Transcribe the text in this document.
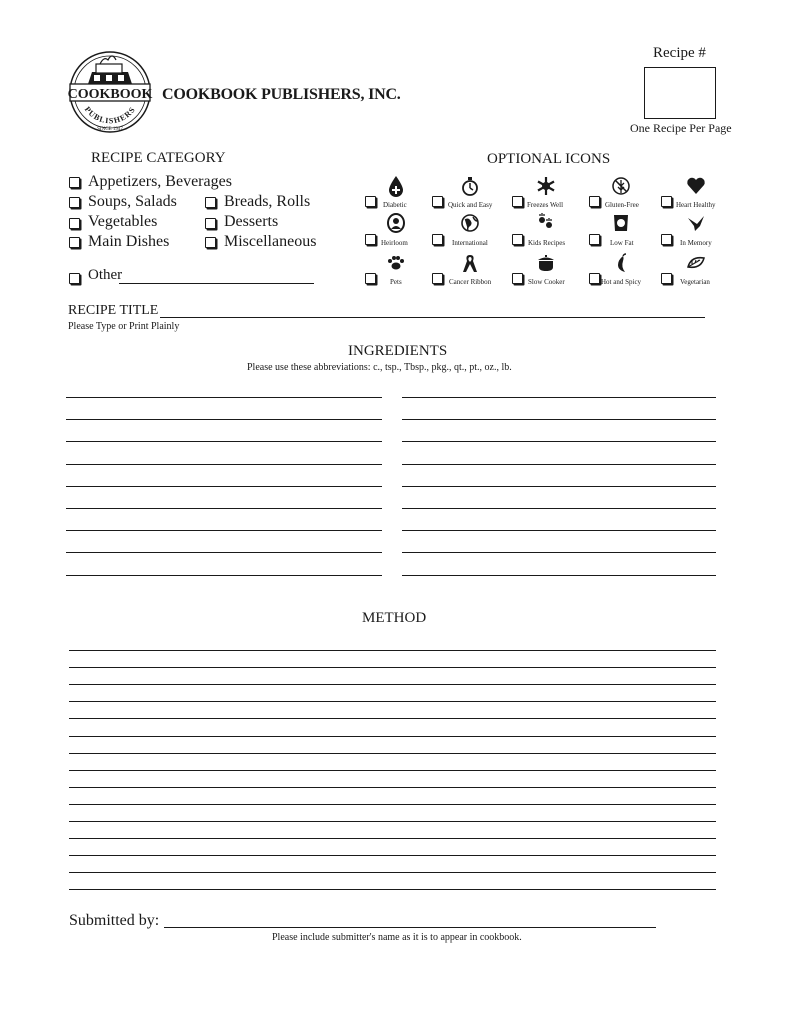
COOKBOOK
PUBLISHERS
SINCE 1947
COOKBOOK PUBLISHERS, INC.
Recipe #
One Recipe Per Page
RECIPE CATEGORY
Appetizers, Beverages
Soups, Salads	Breads, Rolls
Vegetables	Desserts
Main Dishes	Miscellaneous
Other
OPTIONAL ICONS
Diabetic	Quick and Easy	Freezes Well	Gluten-Free	Heart Healthy
Heirloom	International	Kids Recipes	Low Fat	In Memory
Pets	Cancer Ribbon	Slow Cooker	Hot and Spicy	Vegetarian
RECIPE TITLE
Please Type or Print Plainly
INGREDIENTS
Please use these abbreviations: c., tsp., Tbsp., pkg., qt., pt., oz., lb.
METHOD
Submitted by:
Please include submitter's name as it is to appear in cookbook.
